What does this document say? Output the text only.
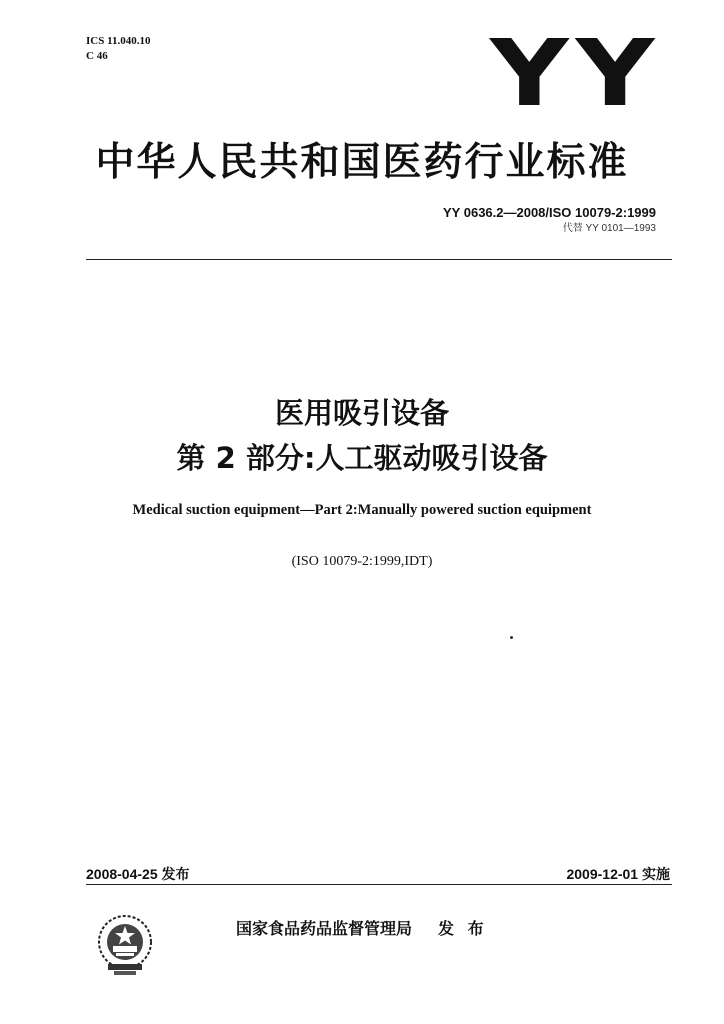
ICS 11.040.10
C 46	YY
中华人民共和国医药行业标准
YY 0636.2—2008/ISO 10079-2:1999
代替 YY 0101—1993
医用吸引设备
第 2 部分:人工驱动吸引设备
Medical suction equipment—Part 2:Manually powered suction equipment
(ISO 10079-2:1999,IDT)
2008-04-25 发布	2009-12-01 实施
国家食品药品监督管理局 发 布
